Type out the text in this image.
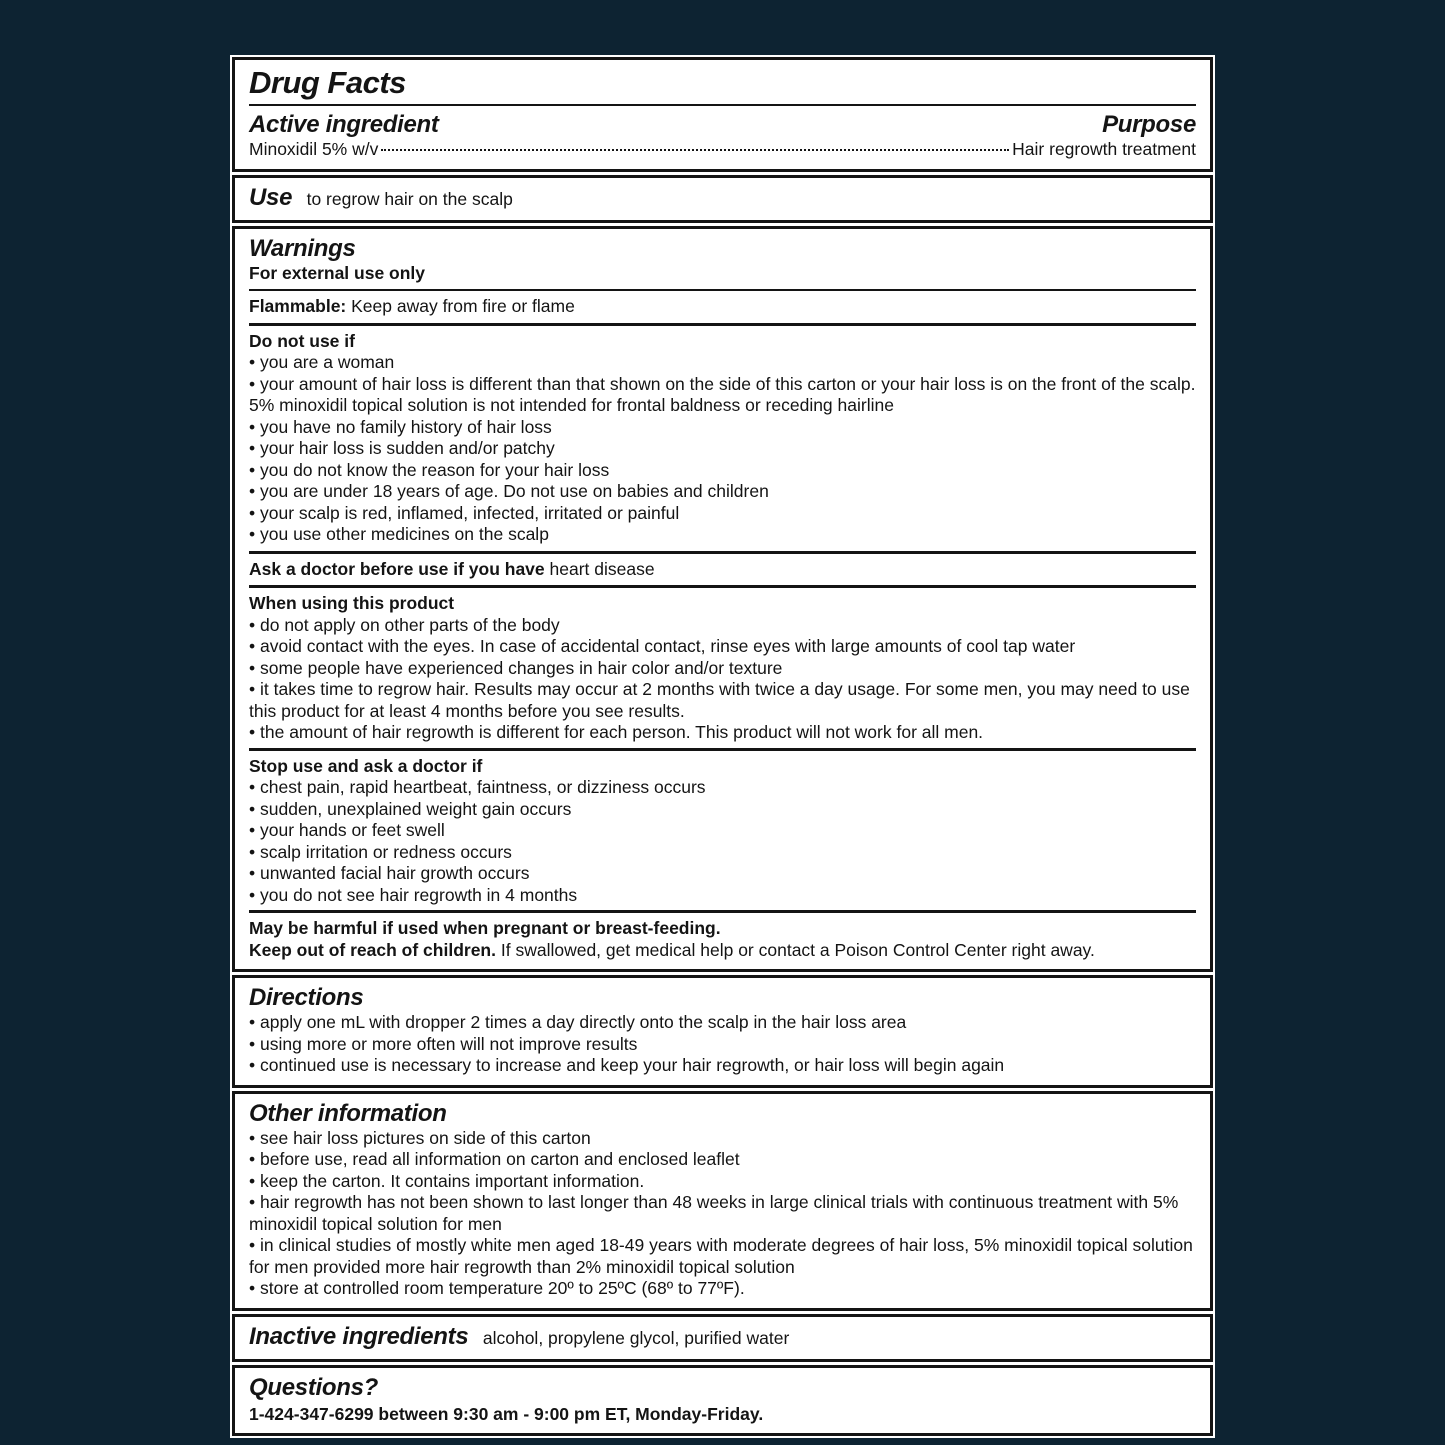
Drug Facts
Active ingredient	Purpose
Minoxidil 5% w/v	Hair regrowth treatment
Use to regrow hair on the scalp
Warnings
For external use only
Flammable: Keep away from fire or flame
Do not use if
• you are a woman
• your amount of hair loss is different than that shown on the side of this carton or your hair loss is on the front of the scalp. 5% minoxidil topical solution is not intended for frontal baldness or receding hairline
• you have no family history of hair loss
• your hair loss is sudden and/or patchy
• you do not know the reason for your hair loss
• you are under 18 years of age. Do not use on babies and children
• your scalp is red, inflamed, infected, irritated or painful
• you use other medicines on the scalp
Ask a doctor before use if you have heart disease
When using this product
• do not apply on other parts of the body
• avoid contact with the eyes. In case of accidental contact, rinse eyes with large amounts of cool tap water
• some people have experienced changes in hair color and/or texture
• it takes time to regrow hair. Results may occur at 2 months with twice a day usage. For some men, you may need to use this product for at least 4 months before you see results.
• the amount of hair regrowth is different for each person. This product will not work for all men.
Stop use and ask a doctor if
• chest pain, rapid heartbeat, faintness, or dizziness occurs
• sudden, unexplained weight gain occurs
• your hands or feet swell
• scalp irritation or redness occurs
• unwanted facial hair growth occurs
• you do not see hair regrowth in 4 months
May be harmful if used when pregnant or breast-feeding.
Keep out of reach of children. If swallowed, get medical help or contact a Poison Control Center right away.
Directions
• apply one mL with dropper 2 times a day directly onto the scalp in the hair loss area
• using more or more often will not improve results
• continued use is necessary to increase and keep your hair regrowth, or hair loss will begin again
Other information
• see hair loss pictures on side of this carton
• before use, read all information on carton and enclosed leaflet
• keep the carton. It contains important information.
• hair regrowth has not been shown to last longer than 48 weeks in large clinical trials with continuous treatment with 5% minoxidil topical solution for men
• in clinical studies of mostly white men aged 18-49 years with moderate degrees of hair loss, 5% minoxidil topical solution for men provided more hair regrowth than 2% minoxidil topical solution
• store at controlled room temperature 20º to 25ºC (68º to 77ºF).
Inactive ingredients alcohol, propylene glycol, purified water
Questions?
1-424-347-6299 between 9:30 am - 9:00 pm ET, Monday-Friday.
